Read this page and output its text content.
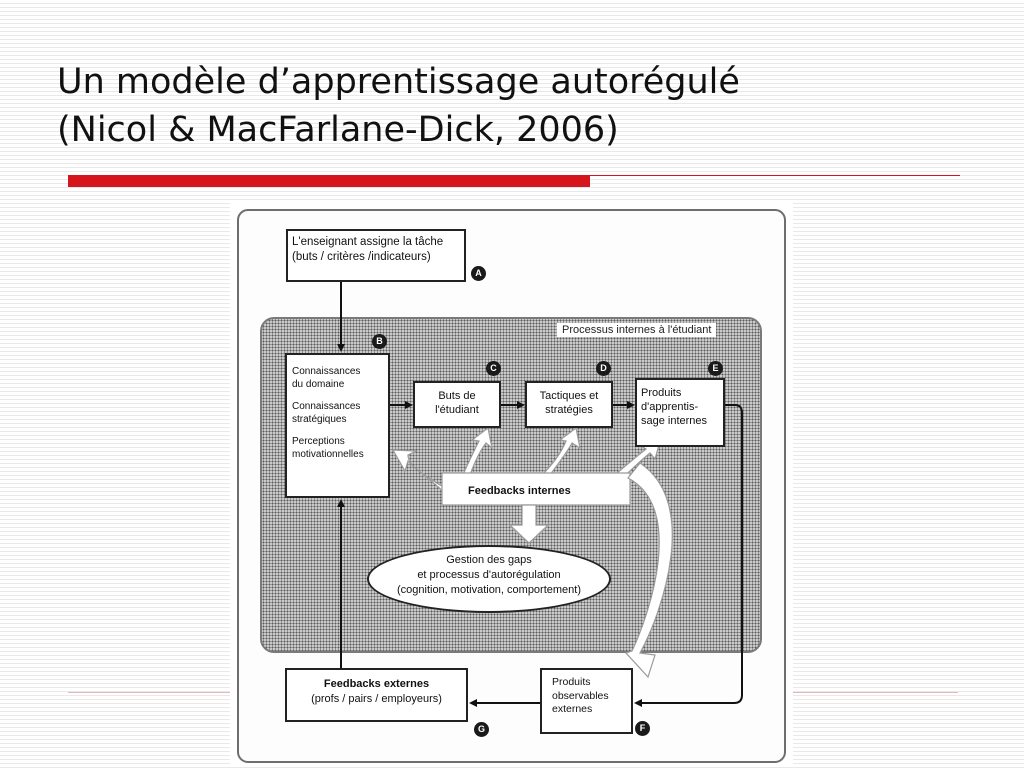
Un modèle d’apprentissage autorégulé
(Nicol & MacFarlane-Dick, 2006)
Processus internes à l'étudiant
L'enseignant assigne la tâche
(buts / critères /indicateurs)
A

Connaissances
du domaine

Connaissances
stratégiques

Perceptions
motivationnelles

B
Buts de
l'étudiant
C
Tactiques et
stratégies
D
Produits
d'apprentis-
sage internes
E
Feedbacks internes
Gestion des gaps
et processus d'autorégulation
(cognition, motivation, comportement)
Feedbacks externes
(profs / pairs / employeurs)
G
Produits
observables
externes
F
